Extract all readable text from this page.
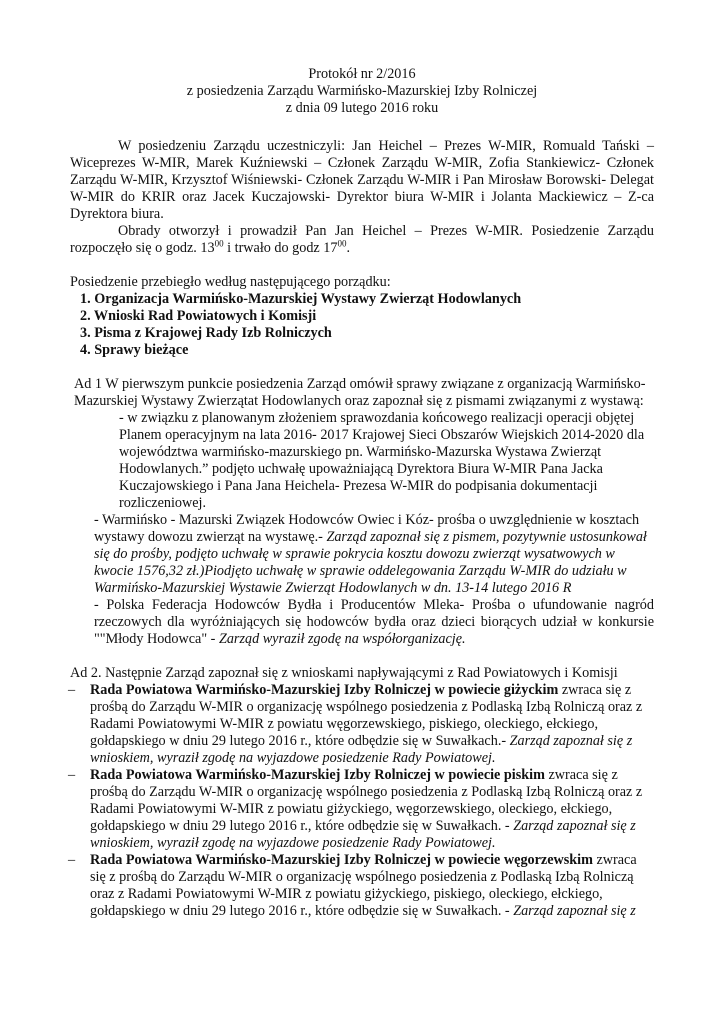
Protokół nr 2/2016

z posiedzenia Zarządu Warmińsko-Mazurskiej Izby Rolniczej

z dnia 09 lutego 2016 roku

W posiedzeniu Zarządu uczestniczyli: Jan Heichel – Prezes W-MIR, Romuald Tański – Wiceprezes W-MIR, Marek Kuźniewski – Członek Zarządu W-MIR, Zofia Stankiewicz- Członek Zarządu W-MIR, Krzysztof Wiśniewski- Członek Zarządu W-MIR i Pan Mirosław Borowski- Delegat W-MIR do KRIR oraz Jacek Kuczajowski- Dyrektor biura W-MIR i Jolanta Mackiewicz – Z-ca Dyrektora biura.

Obrady otworzył i prowadził Pan Jan Heichel – Prezes W-MIR. Posiedzenie Zarządu rozpoczęło się o godz. $13^{00}$ i trwało do godz $17^{00}$.

Posiedzenie przebiegło według następującego porządku:

1. Organizacja Warmińsko-Mazurskiej Wystawy Zwierząt Hodowlanych
2. Wnioski Rad Powiatowych i Komisji
3. Pisma z Krajowej Rady Izb Rolniczych
4. Sprawy bieżące

Ad 1 W pierwszym punkcie posiedzenia Zarząd omówił sprawy związane z organizacją Warmińsko-Mazurskiej Wystawy Zwierzątat Hodowlanych oraz zapoznał się z pismami związanymi z wystawą:

- w związku z planowanym złożeniem sprawozdania końcowego realizacji operacji objętej Planem operacyjnym na lata 2016- 2017 Krajowej Sieci Obszarów Wiejskich 2014-2020 dla województwa warmińsko-mazurskiego pn. Warmińsko-Mazurska Wystawa Zwierząt Hodowlanych.” podjęto uchwałę upoważniającą Dyrektora Biura W-MIR Pana Jacka Kuczajowskiego i Pana Jana Heichela- Prezesa W-MIR do podpisania dokumentacji rozliczeniowej.

- Warmińsko - Mazurski Związek Hodowców Owiec i Kóz- prośba o uwzględnienie w kosztach wystawy dowozu zwierząt na wystawę.- Zarząd zapoznał się z pismem, pozytywnie ustosunkował się do prośby, podjęto uchwałę w sprawie pokrycia kosztu dowozu zwierząt wysatwowych w kwocie 1576,32 zł.)Piodjęto uchwałę w sprawie oddelegowania Zarządu W-MIR do udziału w Warmińsko-Mazurskiej Wystawie Zwierząt Hodowlanych w dn. 13-14 lutego 2016 R

- Polska Federacja Hodowców Bydła i Producentów Mleka- Prośba o ufundowanie nagród rzeczowych dla wyróżniających się hodowców bydła oraz dzieci biorących udział w konkursie ""Młody Hodowca" - Zarząd wyraził zgodę na współorganizację.

Ad 2. Następnie Zarząd zapoznał się z wnioskami napływającymi z Rad Powiatowych i Komisji

– Rada Powiatowa Warmińsko-Mazurskiej Izby Rolniczej w powiecie giżyckim zwraca się z prośbą do Zarządu W-MIR o organizację wspólnego posiedzenia z Podlaską Izbą Rolniczą oraz z Radami Powiatowymi W-MIR z powiatu węgorzewskiego, piskiego, oleckiego, ełckiego, gołdapskiego w dniu 29 lutego 2016 r., które odbędzie się w Suwałkach.- Zarząd zapoznał się z wnioskiem, wyraził zgodę na wyjazdowe posiedzenie Rady Powiatowej.
– Rada Powiatowa Warmińsko-Mazurskiej Izby Rolniczej w powiecie piskim zwraca się z prośbą do Zarządu W-MIR o organizację wspólnego posiedzenia z Podlaską Izbą Rolniczą oraz z Radami Powiatowymi W-MIR z powiatu giżyckiego, węgorzewskiego, oleckiego, ełckiego, gołdapskiego w dniu 29 lutego 2016 r., które odbędzie się w Suwałkach. - Zarząd zapoznał się z wnioskiem, wyraził zgodę na wyjazdowe posiedzenie Rady Powiatowej.
– Rada Powiatowa Warmińsko-Mazurskiej Izby Rolniczej w powiecie węgorzewskim zwraca się z prośbą do Zarządu W-MIR o organizację wspólnego posiedzenia z Podlaską Izbą Rolniczą oraz z Radami Powiatowymi W-MIR z powiatu giżyckiego, piskiego, oleckiego, ełckiego, gołdapskiego w dniu 29 lutego 2016 r., które odbędzie się w Suwałkach. - Zarząd zapoznał się z
